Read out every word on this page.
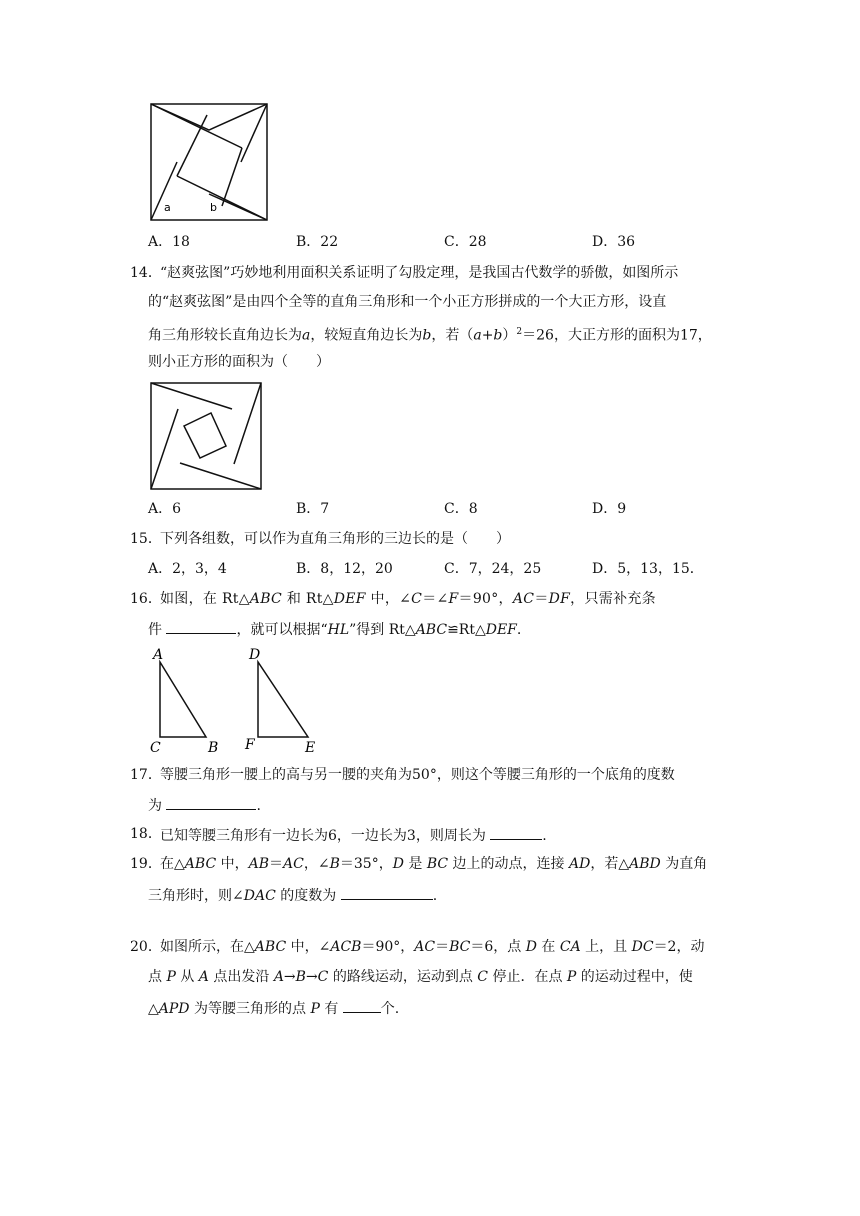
a	b
A．18	B．22	C．28	D．36
14．
“赵爽弦图”巧妙地利用面积关系证明了勾股定理，是我国古代数学的骄傲，如图所示
的“赵爽弦图”是由四个全等的直角三角形和一个小正方形拼成的一个大正方形，设直
角三角形较长直角边长为a，较短直角边长为b，若$(a+b)^2=26$，大正方形的面积为17，
则小正方形的面积为（　　）
A．6	B．7	C．8	D．9
15．
下列各组数，可以作为直角三角形的三边长的是（　　）
A．2，3，4	B．8，12，20	C．7，24，25	D．5，13，15．
16．
如图，在 Rt△ABC 和 Rt△DEF 中，∠C＝∠F＝90°，AC＝DF，只需补充条
件	，就可以根据“HL”得到 Rt△ABC≌Rt△DEF.
A
C	B
D
F	E
17．
等腰三角形一腰上的高与另一腰的夹角为50°，则这个等腰三角形的一个底角的度数
为	.
18．
已知等腰三角形有一边长为6，一边长为3，则周长为	.
19．
在△ABC 中，AB＝AC，∠B＝35°，D 是 BC 边上的动点，连接 AD，若△ABD 为直角
三角形时，则∠DAC 的度数为	.
20．
如图所示，在△ABC 中，∠ACB＝90°，AC＝BC＝6，点 D 在 CA 上，且 DC＝2，动
点 P 从 A 点出发沿 A→B→C 的路线运动，运动到点 C 停止．在点 P 的运动过程中，使
△APD 为等腰三角形的点 P 有	个.
